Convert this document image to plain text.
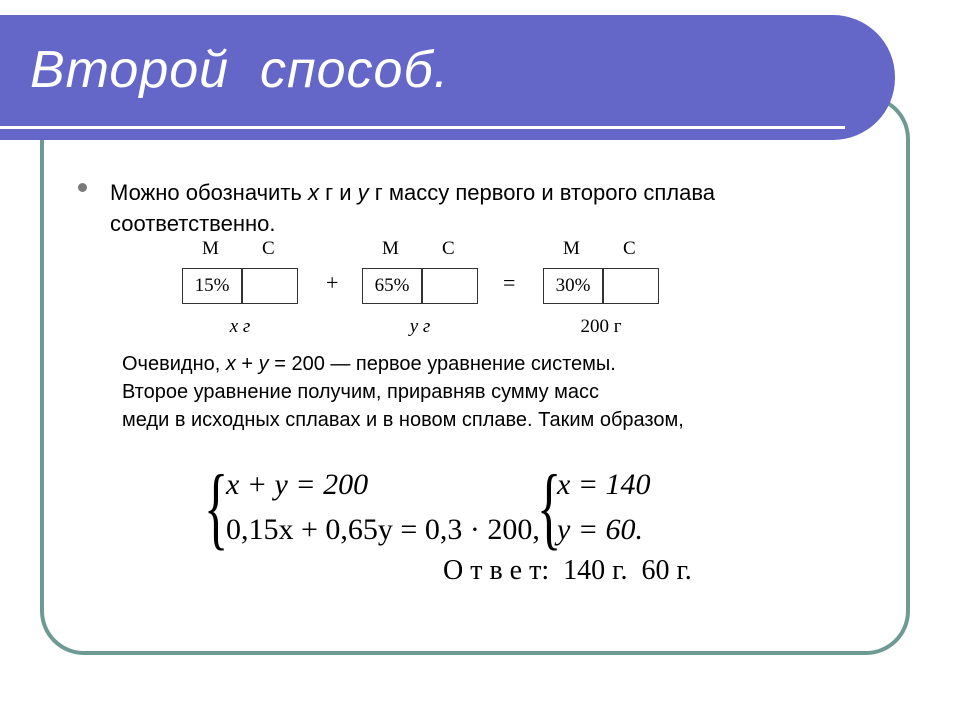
Второй  способ.
Можно обозначить x г и y г массу первого и второго сплава соответственно.
М С
15%
x г
+
М С
65%
y г
=
М С
30%
200 г
Очевидно, x + y = 200 — первое уравнение системы.
Второе уравнение получим, приравняв сумму масс
меди в исходных сплавах и в новом сплаве. Таким образом,
{
x + y = 200
0,15x + 0,65y = 0,3 · 200,
{
x = 140
y = 60.
О т в е т:  140 г.  60 г.
